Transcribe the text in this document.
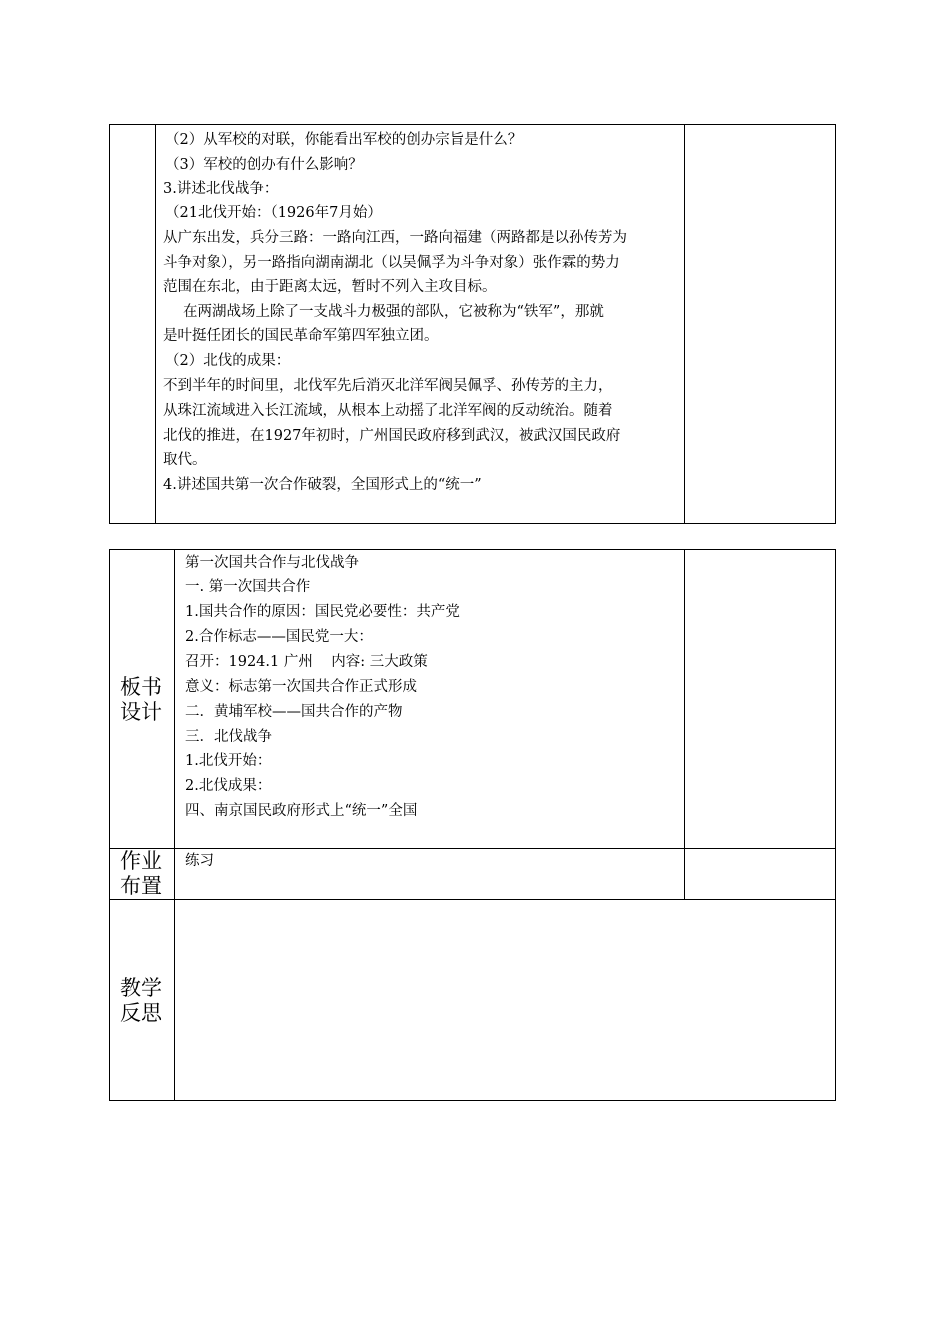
（2）从军校的对联，你能看出军校的创办宗旨是什么？
（3）军校的创办有什么影响？
3.讲述北伐战争：
（21北伐开始：（1926年7月始）
从广东出发，兵分三路：一路向江西，一路向福建（两路都是以孙传芳为
斗争对象），另一路指向湖南湖北（以吴佩孚为斗争对象）张作霖的势力
范围在东北，由于距离太远，暂时不列入主攻目标。
在两湖战场上除了一支战斗力极强的部队，它被称为“铁军”，那就
是叶挺任团长的国民革命军第四军独立团。
（2）北伐的成果：
不到半年的时间里，北伐军先后消灭北洋军阀吴佩孚、孙传芳的主力，
从珠江流域进入长江流域，从根本上动摇了北洋军阀的反动统治。随着
北伐的推进，在1927年初时，广州国民政府移到武汉，被武汉国民政府
取代。
4.讲述国共第一次合作破裂，全国形式上的“统一”
板书
设计
第一次国共合作与北伐战争
一. 第一次国共合作
1.国共合作的原因：国民党必要性：共产党
2.合作标志——国民党一大：
召开：1924.1 广州    内容: 三大政策
意义：标志第一次国共合作正式形成
二．黄埔军校——国共合作的产物
三．北伐战争
1.北伐开始：
2.北伐成果：
四、南京国民政府形式上“统一”全国
作业
布置
练习
教学
反思
